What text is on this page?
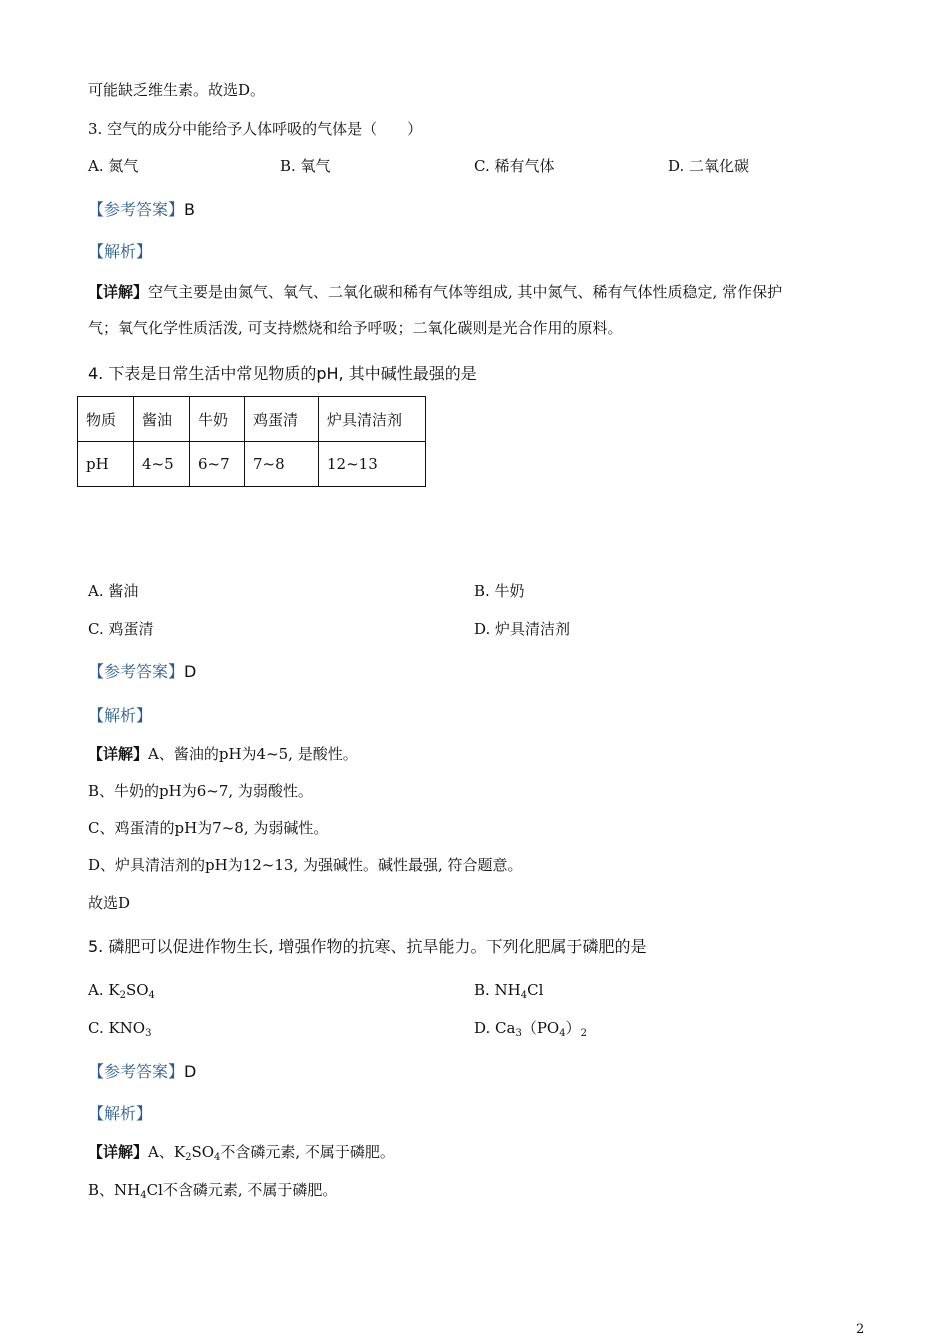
可能缺乏维生素。故选D。
3. 空气的成分中能给予人体呼吸的气体是（　　）
A. 氮气	B. 氧气	C. 稀有气体	D. 二氧化碳
【参考答案】B
【解析】
【详解】空气主要是由氮气、氧气、二氧化碳和稀有气体等组成, 其中氮气、稀有气体性质稳定, 常作保护
气；氧气化学性质活泼, 可支持燃烧和给予呼吸；二氧化碳则是光合作用的原料。
4. 下表是日常生活中常见物质的pH, 其中碱性最强的是
物质	酱油	牛奶	鸡蛋清	炉具清洁剂
pH	4~5	6~7	7~8	12~13
A. 酱油	B. 牛奶
C. 鸡蛋清	D. 炉具清洁剂
【参考答案】D
【解析】
【详解】A、酱油的pH为4~5, 是酸性。
B、牛奶的pH为6~7, 为弱酸性。
C、鸡蛋清的pH为7~8, 为弱碱性。
D、炉具清洁剂的pH为12~13, 为强碱性。碱性最强, 符合题意。
故选D
5. 磷肥可以促进作物生长, 增强作物的抗寒、抗旱能力。下列化肥属于磷肥的是
A. $K_2SO_4$	B. $NH_4Cl$
C. $KNO_3$	D. $Ca_3(PO_4)_2$
【参考答案】D
【解析】
【详解】A、$K_2SO_4$不含磷元素, 不属于磷肥。
B、$NH_4Cl$不含磷元素, 不属于磷肥。
2
